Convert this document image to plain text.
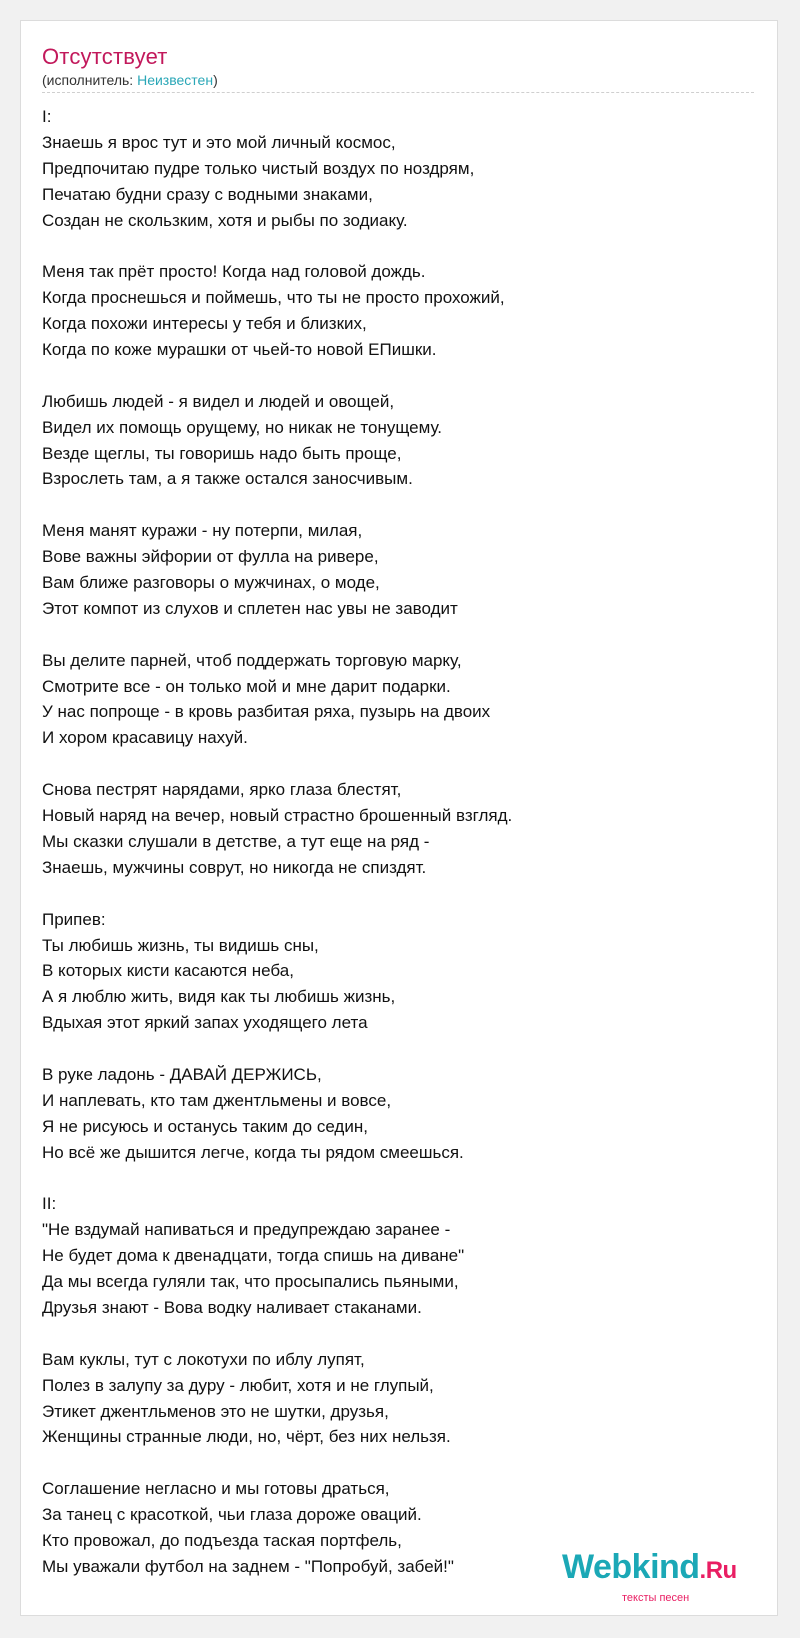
Отсутствует
(исполнитель: Неизвестен)
I:
Знаешь я врос тут и это мой личный космос,
Предпочитаю пудре только чистый воздух по ноздрям,
Печатаю будни сразу с водными знаками,
Создан не скользким, хотя и рыбы по зодиаку.
Меня так прёт просто! Когда над головой дождь.
Когда проснешься и поймешь, что ты не просто прохожий,
Когда похожи интересы у тебя и близких,
Когда по коже мурашки от чьей-то новой ЕПишки.
Любишь людей - я видел и людей и овощей,
Видел их помощь орущему, но никак не тонущему.
Везде щеглы, ты говоришь надо быть проще,
Взрослеть там, а я также остался заносчивым.
Меня манят куражи - ну потерпи, милая,
Вове важны эйфории от фулла на ривере,
Вам ближе разговоры о мужчинах, о моде,
Этот компот из слухов и сплетен нас увы не заводит
Вы делите парней, чтоб поддержать торговую марку,
Смотрите все - он только мой и мне дарит подарки.
У нас попроще - в кровь разбитая ряха, пузырь на двоих
И хором красавицу нахуй.
Снова пестрят нарядами, ярко глаза блестят,
Новый наряд на вечер, новый страстно брошенный взгляд.
Мы сказки слушали в детстве, а тут еще на ряд -
Знаешь, мужчины соврут, но никогда не спиздят.
Припев:
Ты любишь жизнь, ты видишь сны,
В которых кисти касаются неба,
А я люблю жить, видя как ты любишь жизнь,
Вдыхая этот яркий запах уходящего лета
В руке ладонь - ДАВАЙ ДЕРЖИСЬ,
И наплевать, кто там джентльмены и вовсе,
Я не рисуюсь и останусь таким до седин,
Но всё же дышится легче, когда ты рядом смеешься.
II:
"Не вздумай напиваться и предупреждаю заранее -
Не будет дома к двенадцати, тогда спишь на диване"
Да мы всегда гуляли так, что просыпались пьяными,
Друзья знают - Вова водку наливает стаканами.
Вам куклы, тут с локотухи по иблу лупят,
Полез в залупу за дуру - любит, хотя и не глупый,
Этикет джентльменов это не шутки, друзья,
Женщины странные люди, но, чёрт, без них нельзя.
Соглашение негласно и мы готовы драться,
За танец с красоткой, чьи глаза дороже оваций.
Кто провожал, до подъезда таская портфель,
Мы уважали футбол на заднем - "Попробуй, забей!"	Webkind.Ru
тексты песен
